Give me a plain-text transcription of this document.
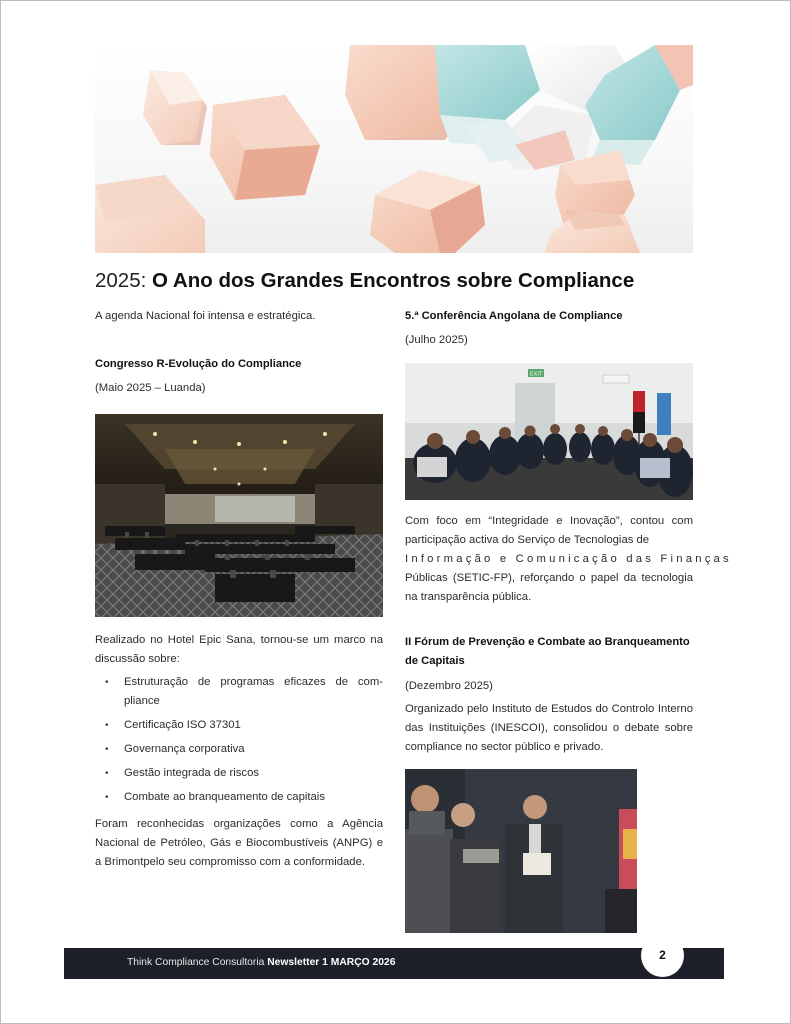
2025: O Ano dos Grandes Encontros sobre Compliance
A agenda Nacional foi intensa e estratégica.
Congresso R-Evolução do Compliance
(Maio 2025 – Luanda)
Realizado no Hotel Epic Sana, tornou-se um marco na discussão sobre:
• Estruturação de programas eficazes de com- pliance
• Certificação ISO 37301
• Governança corporativa
• Gestão integrada de riscos
• Combate ao branqueamento de capitais
Foram reconhecidas organizações como a Agência Nacional de Petróleo, Gás e Biocombustíveis (ANPG) e a Brimontpelo seu compromisso com a conformidade.
5.ª Conferência Angolana de Compliance
(Julho 2025)
EXIT
Com foco em “Integridade e Inovação”, contou com participação activa do Serviço de Tecnologias de
Informação e Comunicação das Finanças
Públicas (SETIC-FP), reforçando o papel da tecnologia na transparência pública.
II Fórum de Prevenção e Combate ao Branqueamento de Capitais
(Dezembro 2025)
Organizado pelo Instituto de Estudos do Controlo Interno das Instituições (INESCOI), consolidou o debate sobre compliance no sector público e privado.
Think Compliance Consultoria Newsletter 1 MARÇO 2026
2
